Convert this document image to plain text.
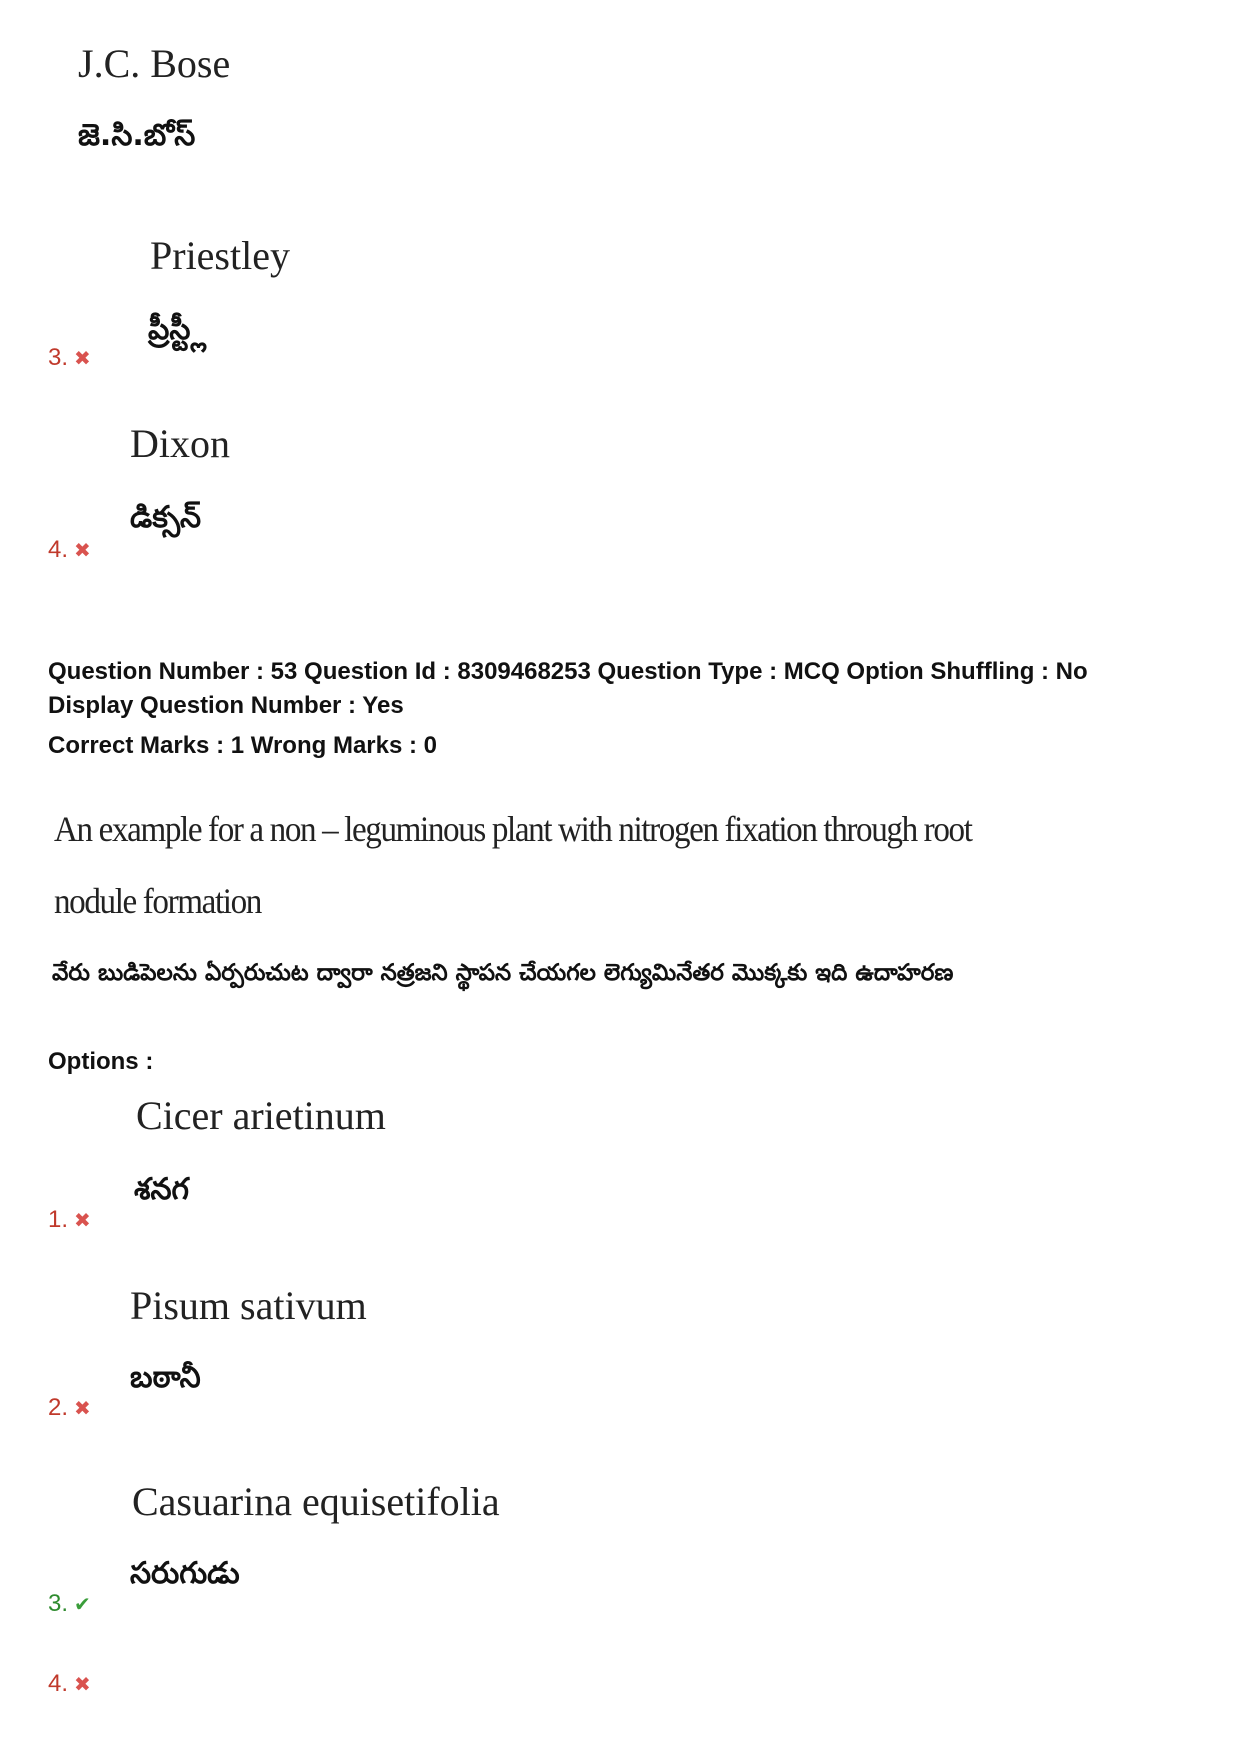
J.C. Bose
జె.సి.బోస్
Priestley
ప్రీస్ట్లీ
3. ✖
Dixon
డిక్సన్
4. ✖
Question Number : 53 Question Id : 8309468253 Question Type : MCQ Option Shuffling : No
Display Question Number : Yes
Correct Marks : 1 Wrong Marks : 0
An example for a non – leguminous plant with nitrogen fixation through root
nodule formation
వేరు బుడిపెలను ఏర్పరుచుట ద్వారా నత్రజని స్థాపన చేయగల లెగ్యుమినేతర మొక్కకు ఇది ఉదాహరణ
Options :
Cicer arietinum
శనగ
1. ✖
Pisum sativum
బఠానీ
2. ✖
Casuarina equisetifolia
సరుగుడు
3. ✔
4. ✖
